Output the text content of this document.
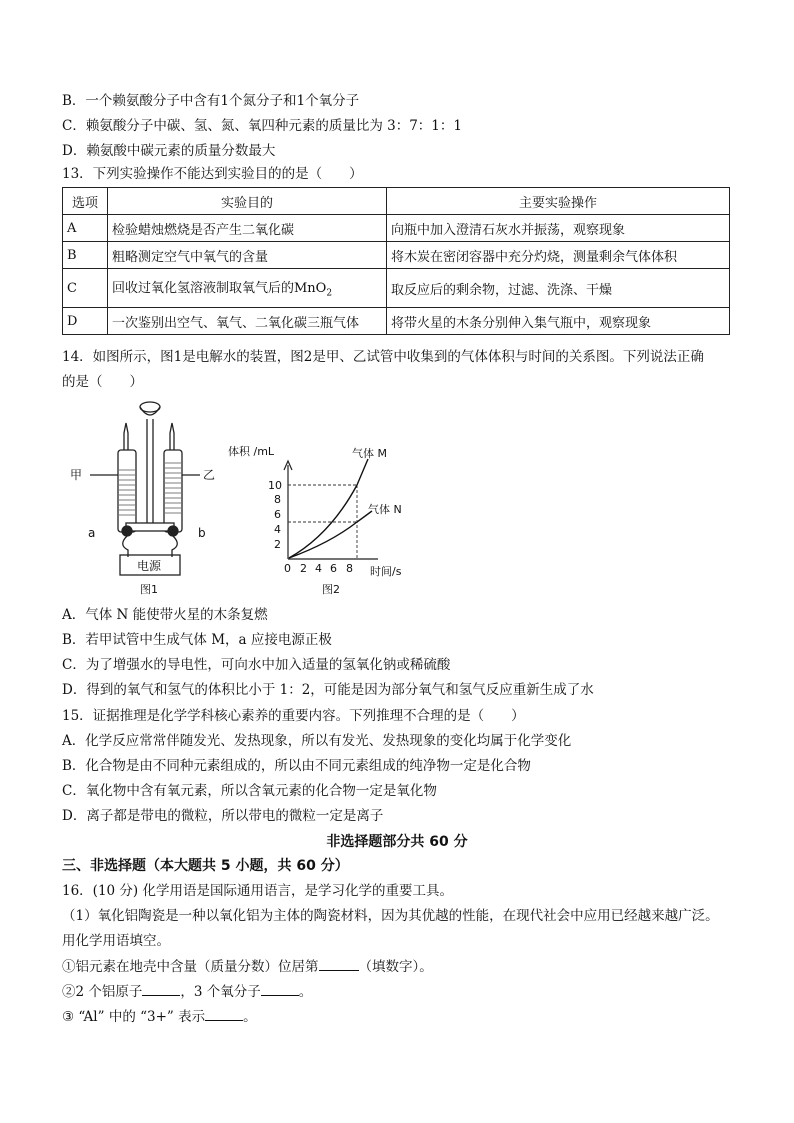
B．一个赖氨酸分子中含有1个氮分子和1个氧分子
C．赖氨酸分子中碳、氢、氮、氧四种元素的质量比为 3：7：1：1
D．赖氨酸中碳元素的质量分数最大
13．下列实验操作不能达到实验目的的是（　　）
选项	实验目的	主要实验操作
A	检验蜡烛燃烧是否产生二氧化碳	向瓶中加入澄清石灰水并振荡，观察现象
B	粗略测定空气中氧气的含量	将木炭在密闭容器中充分灼烧，测量剩余气体体积
C	回收过氧化氢溶液制取氧气后的MnO$_2$	取反应后的剩余物，过滤、洗涤、干燥
D	一次鉴别出空气、氧气、二氧化碳三瓶气体	将带火星的木条分别伸入集气瓶中，观察现象
14．如图所示，图1是电解水的装置，图2是甲、乙试管中收集到的气体体积与时间的关系图。下列说法正确
的是（　　）
甲	乙
a	b
电源
图1
体积 /mL
时间/s
2
4
6
8
10
0 2 4 6 8
气体 M
气体 N
图2
A．气体 N 能使带火星的木条复燃
B．若甲试管中生成气体 M，a 应接电源正极
C．为了增强水的导电性，可向水中加入适量的氢氧化钠或稀硫酸
D．得到的氧气和氢气的体积比小于 1：2，可能是因为部分氧气和氢气反应重新生成了水
15．证据推理是化学学科核心素养的重要内容。下列推理不合理的是（　　）
A．化学反应常常伴随发光、发热现象，所以有发光、发热现象的变化均属于化学变化
B．化合物是由不同种元素组成的，所以由不同元素组成的纯净物一定是化合物
C．氧化物中含有氧元素，所以含氧元素的化合物一定是氧化物
D．离子都是带电的微粒，所以带电的微粒一定是离子
非选择题部分共 60 分
三、非选择题（本大题共 5 小题，共 60 分）
16．(10 分) 化学用语是国际通用语言，是学习化学的重要工具。
（1）氧化铝陶瓷是一种以氧化铝为主体的陶瓷材料，因为其优越的性能，在现代社会中应用已经越来越广泛。
用化学用语填空。
①铝元素在地壳中含量（质量分数）位居第	（填数字）。
②2 个铝原子	，3 个氧分子	。
③ “Al” 中的 “3+” 表示	。
